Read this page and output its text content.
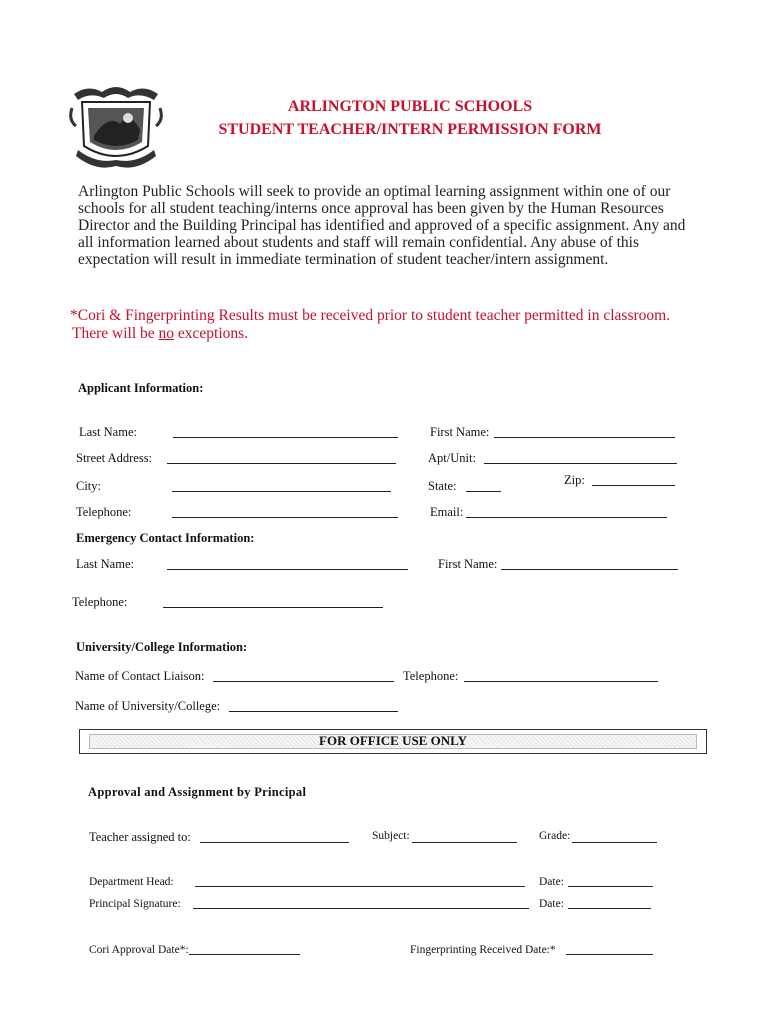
ARLINGTON PUBLIC SCHOOLS
STUDENT TEACHER/INTERN PERMISSION FORM
Arlington Public Schools will seek to provide an optimal learning assignment within one of our schools for all student teaching/interns once approval has been given by the Human Resources Director and the Building Principal has identified and approved of a specific assignment. Any and all information learned about students and staff will remain confidential. Any abuse of this expectation will result in immediate termination of student teacher/intern assignment.
*Cori & Fingerprinting Results must be received prior to student teacher permitted in classroom.
There will be no exceptions.
Applicant Information:
Last Name:	First Name:
Street Address:	Apt/Unit:
City:	State:	Zip:
Telephone:	Email:
Emergency Contact Information:
Last Name:	First Name:
Telephone:
University/College Information:
Name of Contact Liaison:	Telephone:
Name of University/College:
FOR OFFICE USE ONLY
Approval and Assignment by Principal
Teacher assigned to:	Subject:	Grade:
Department Head:	Date:
Principal Signature:	Date:
Cori Approval Date*:	Fingerprinting Received Date:*
